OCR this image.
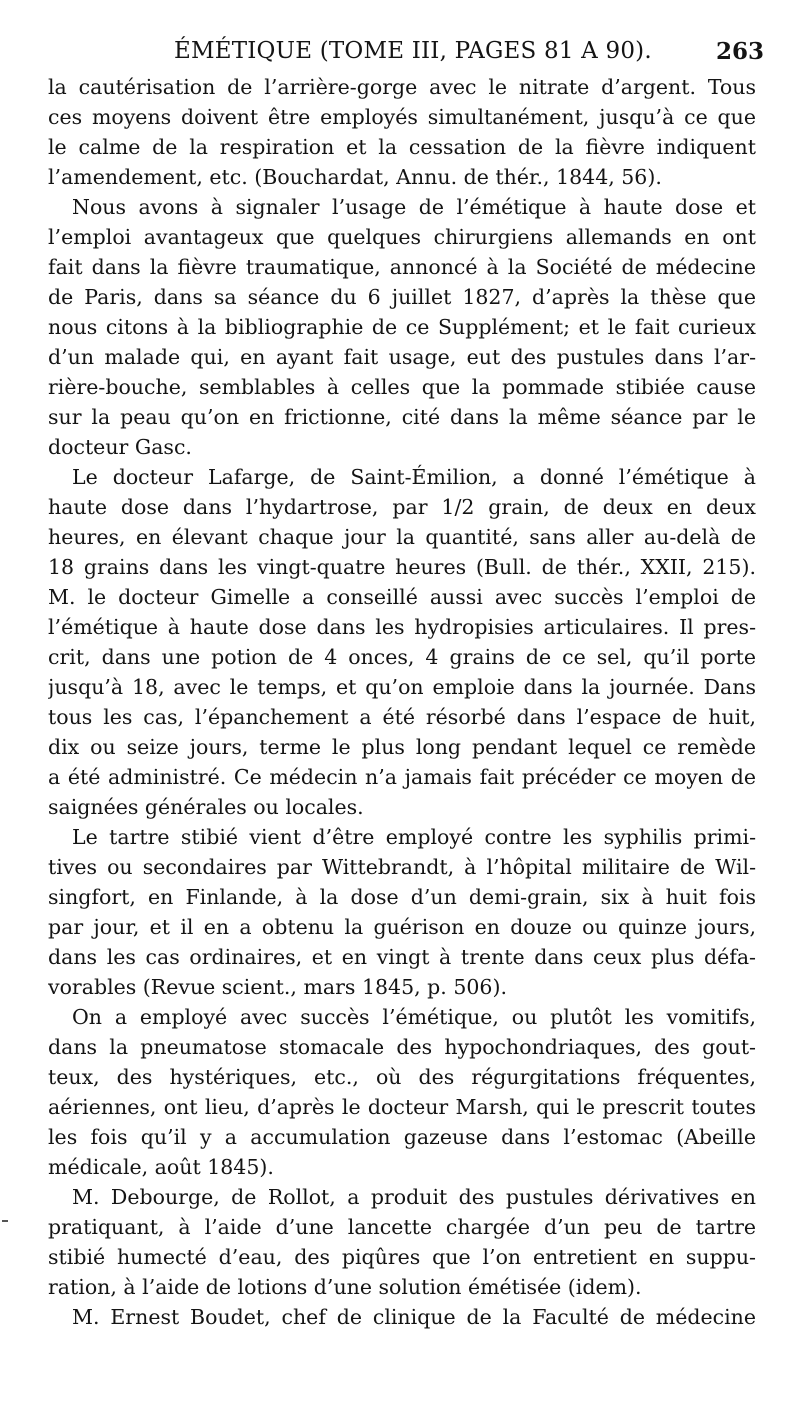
ÉMÉTIQUE (TOME III, PAGES 81 A 90).	263
la cautérisation de l’arrière-gorge avec le nitrate d’argent. Tous
ces moyens doivent être employés simultanément, jusqu’à ce que
le calme de la respiration et la cessation de la fièvre indiquent
l’amendement, etc. (Bouchardat, Annu. de thér., 1844, 56).
Nous avons à signaler l’usage de l’émétique à haute dose et
l’emploi avantageux que quelques chirurgiens allemands en ont
fait dans la fièvre traumatique, annoncé à la Société de médecine
de Paris, dans sa séance du 6 juillet 1827, d’après la thèse que
nous citons à la bibliographie de ce Supplément; et le fait curieux
d’un malade qui, en ayant fait usage, eut des pustules dans l’ar-
rière-bouche, semblables à celles que la pommade stibiée cause
sur la peau qu’on en frictionne, cité dans la même séance par le
docteur Gasc.
Le docteur Lafarge, de Saint-Émilion, a donné l’émétique à
haute dose dans l’hydartrose, par 1/2 grain, de deux en deux
heures, en élevant chaque jour la quantité, sans aller au-delà de
18 grains dans les vingt-quatre heures (Bull. de thér., XXII, 215).
M. le docteur Gimelle a conseillé aussi avec succès l’emploi de
l’émétique à haute dose dans les hydropisies articulaires. Il pres-
crit, dans une potion de 4 onces, 4 grains de ce sel, qu’il porte
jusqu’à 18, avec le temps, et qu’on emploie dans la journée. Dans
tous les cas, l’épanchement a été résorbé dans l’espace de huit,
dix ou seize jours, terme le plus long pendant lequel ce remède
a été administré. Ce médecin n’a jamais fait précéder ce moyen de
saignées générales ou locales.
Le tartre stibié vient d’être employé contre les syphilis primi-
tives ou secondaires par Wittebrandt, à l’hôpital militaire de Wil-
singfort, en Finlande, à la dose d’un demi-grain, six à huit fois
par jour, et il en a obtenu la guérison en douze ou quinze jours,
dans les cas ordinaires, et en vingt à trente dans ceux plus défa-
vorables (Revue scient., mars 1845, p. 506).
On a employé avec succès l’émétique, ou plutôt les vomitifs,
dans la pneumatose stomacale des hypochondriaques, des gout-
teux, des hystériques, etc., où des régurgitations fréquentes,
aériennes, ont lieu, d’après le docteur Marsh, qui le prescrit toutes
les fois qu’il y a accumulation gazeuse dans l’estomac (Abeille
médicale, août 1845).
M. Debourge, de Rollot, a produit des pustules dérivatives en
pratiquant, à l’aide d’une lancette chargée d’un peu de tartre
stibié humecté d’eau, des piqûres que l’on entretient en suppu-
ration, à l’aide de lotions d’une solution émétisée (idem).
M. Ernest Boudet, chef de clinique de la Faculté de médecine
